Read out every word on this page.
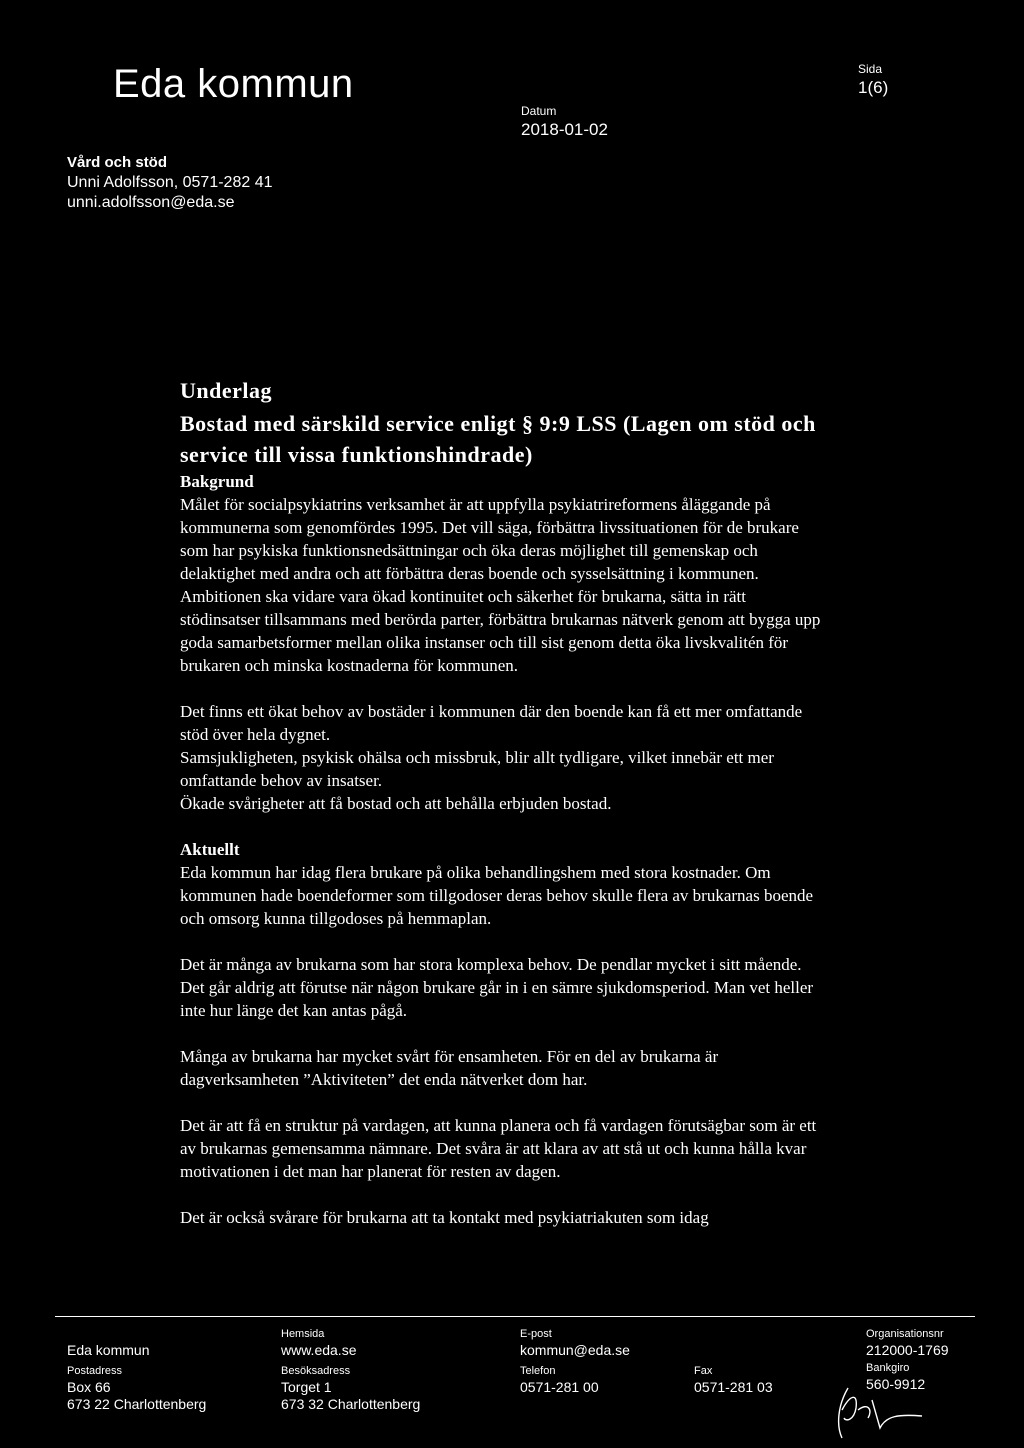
Eda kommun
Vård och stöd
Unni Adolfsson, 0571-282 41
unni.adolfsson@eda.se
Datum
2018-01-02
Sida
1(6)
Underlag
Bostad med särskild service enligt § 9:9 LSS (Lagen om stöd och service till vissa funktionshindrade)
Bakgrund

Målet för socialpsykiatrins verksamhet är att uppfylla psykiatrireformens åläggande på kommunerna som genomfördes 1995. Det vill säga, förbättra livssituationen för de brukare som har psykiska funktionsnedsättningar och öka deras möjlighet till gemenskap och delaktighet med andra och att förbättra deras boende och sysselsättning i kommunen. Ambitionen ska vidare vara ökad kontinuitet och säkerhet för brukarna, sätta in rätt stödinsatser tillsammans med berörda parter, förbättra brukarnas nätverk genom att bygga upp goda samarbetsformer mellan olika instanser och till sist genom detta öka livskvalitén för brukaren och minska kostnaderna för kommunen.

Det finns ett ökat behov av bostäder i kommunen där den boende kan få ett mer omfattande stöd över hela dygnet.

Samsjukligheten, psykisk ohälsa och missbruk, blir allt tydligare, vilket innebär ett mer omfattande behov av insatser.

Ökade svårigheter att få bostad och att behålla erbjuden bostad.

Aktuellt

Eda kommun har idag flera brukare på olika behandlingshem med stora kostnader. Om kommunen hade boendeformer som tillgodoser deras behov skulle flera av brukarnas boende och omsorg kunna tillgodoses på hemmaplan.

Det är många av brukarna som har stora komplexa behov. De pendlar mycket i sitt mående. Det går aldrig att förutse när någon brukare går in i en sämre sjukdomsperiod. Man vet heller inte hur länge det kan antas pågå.

Många av brukarna har mycket svårt för ensamheten. För en del av brukarna är dagverksamheten ”Aktiviteten” det enda nätverket dom har.

Det är att få en struktur på vardagen, att kunna planera och få vardagen förutsägbar som är ett av brukarnas gemensamma nämnare. Det svåra är att klara av att stå ut och kunna hålla kvar motivationen i det man har planerat för resten av dagen.

Det är också svårare för brukarna att ta kontakt med psykiatriakuten som idag

Eda kommun
Postadress
Box 66
673 22 Charlottenberg
Hemsida
www.eda.se
Besöksadress
Torget 1
673 32 Charlottenberg
E-post
kommun@eda.se
Telefon
0571-281 00
Fax
0571-281 03
Organisationsnr
212000-1769
Bankgiro
560-9912
